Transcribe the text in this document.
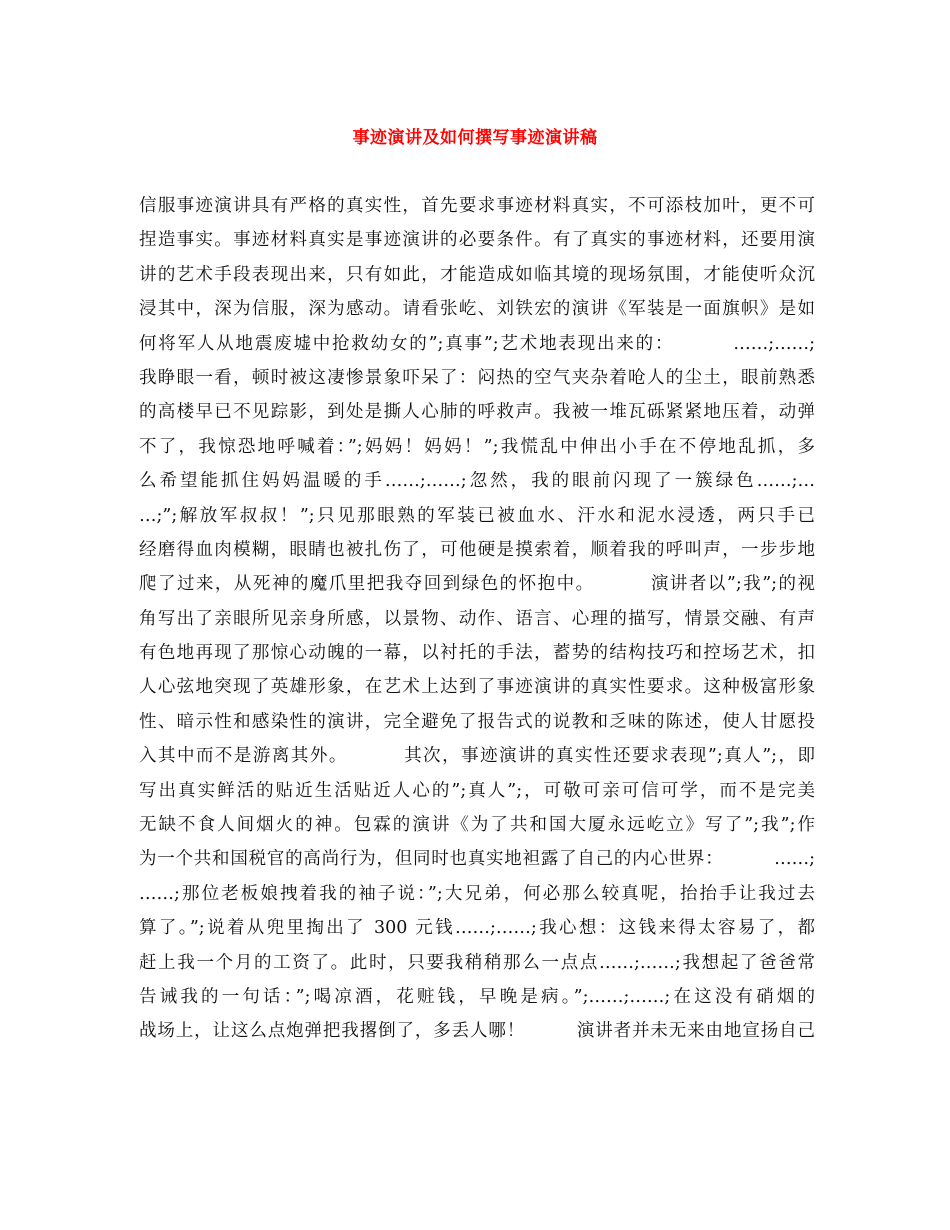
事迹演讲及如何撰写事迹演讲稿
信服事迹演讲具有严格的真实性，首先要求事迹材料真实，不可添枝加叶，更不可
捏造事实。事迹材料真实是事迹演讲的必要条件。有了真实的事迹材料，还要用演
讲的艺术手段表现出来，只有如此，才能造成如临其境的现场氛围，才能使听众沉
浸其中，深为信服，深为感动。请看张屹、刘铁宏的演讲《军装是一面旗帜》是如
何将军人从地震废墟中抢救幼女的”;真事”;艺术地表现出来的：        ……;……;
我睁眼一看，顿时被这凄惨景象吓呆了：闷热的空气夹杂着呛人的尘土，眼前熟悉
的高楼早已不见踪影，到处是撕人心肺的呼救声。我被一堆瓦砾紧紧地压着，动弹
不了，我惊恐地呼喊着：”;妈妈！妈妈！”;我慌乱中伸出小手在不停地乱抓，多
么希望能抓住妈妈温暖的手……;……;忽然，我的眼前闪现了一簇绿色……;…
…;”;解放军叔叔！”;只见那眼熟的军装已被血水、汗水和泥水浸透，两只手已
经磨得血肉模糊，眼睛也被扎伤了，可他硬是摸索着，顺着我的呼叫声，一步步地
爬了过来，从死神的魔爪里把我夺回到绿色的怀抱中。        演讲者以”;我”;的视
角写出了亲眼所见亲身所感，以景物、动作、语言、心理的描写，情景交融、有声
有色地再现了那惊心动魄的一幕，以衬托的手法，蓄势的结构技巧和控场艺术，扣
人心弦地突现了英雄形象，在艺术上达到了事迹演讲的真实性要求。这种极富形象
性、暗示性和感染性的演讲，完全避免了报告式的说教和乏味的陈述，使人甘愿投
入其中而不是游离其外。        其次，事迹演讲的真实性还要求表现”;真人”;，即
写出真实鲜活的贴近生活贴近人心的”;真人”;，可敬可亲可信可学，而不是完美
无缺不食人间烟火的神。包霖的演讲《为了共和国大厦永远屹立》写了”;我”;作
为一个共和国税官的高尚行为，但同时也真实地袒露了自己的内心世界：        ……;
……;那位老板娘拽着我的袖子说：”;大兄弟，何必那么较真呢，抬抬手让我过去
算了。”;说着从兜里掏出了 300 元钱……;……;我心想：这钱来得太容易了，都
赶上我一个月的工资了。此时，只要我稍稍那么一点点……;……;我想起了爸爸常
告诫我的一句话：”;喝凉酒，花赃钱，早晚是病。”;……;……;在这没有硝烟的
战场上，让这么点炮弹把我撂倒了，多丢人哪！        演讲者并未无来由地宣扬自己
